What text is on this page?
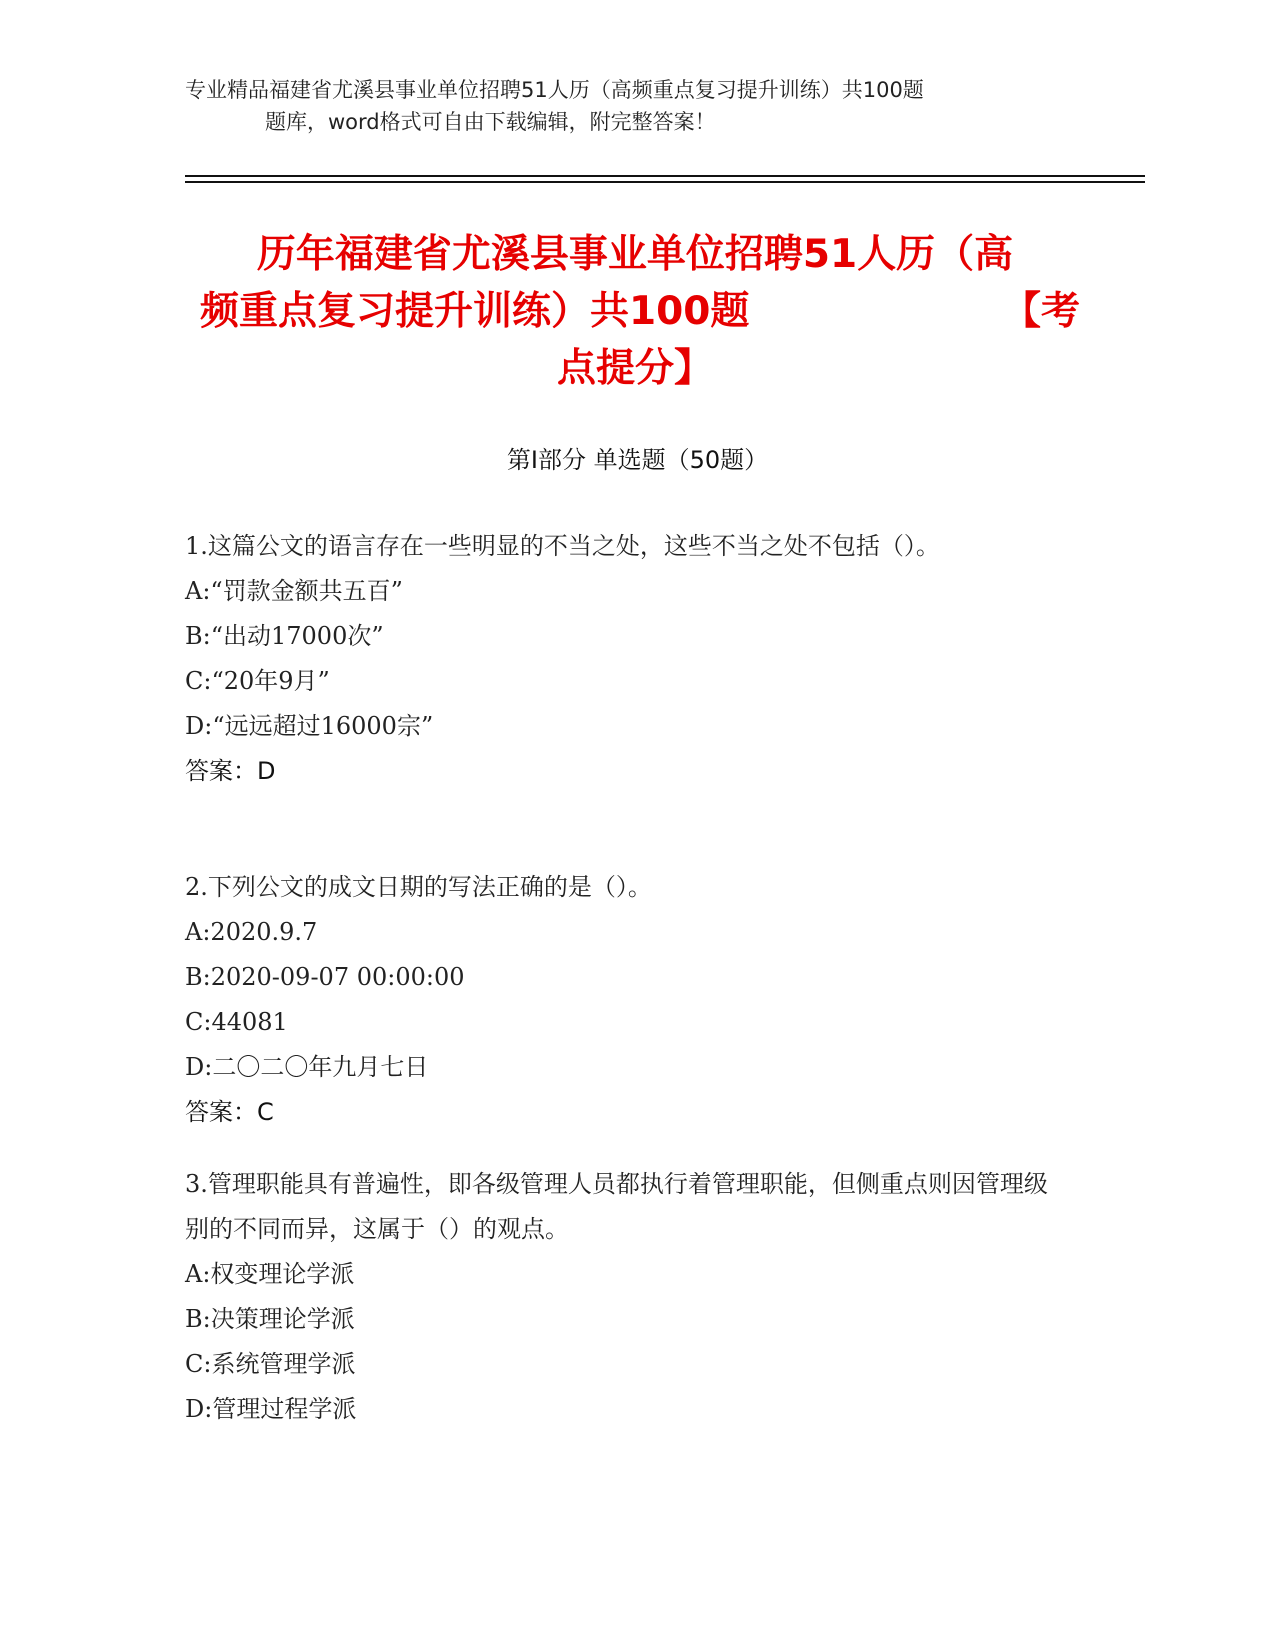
专业精品福建省尤溪县事业单位招聘51人历（高频重点复习提升训练）共100题
题库，word格式可自由下载编辑，附完整答案！
历年福建省尤溪县事业单位招聘51人历（高
频重点复习提升训练）共100题	【考
点提分】
第Ⅰ部分 单选题（50题）
1.这篇公文的语言存在一些明显的不当之处，这些不当之处不包括（）。
A:“罚款金额共五百”
B:“出动17000次”
C:“20年9月”
D:“远远超过16000宗”
答案：D
2.下列公文的成文日期的写法正确的是（）。
A:2020.9.7
B:2020-09-07 00:00:00
C:44081
D:二〇二〇年九月七日
答案：C
3.管理职能具有普遍性，即各级管理人员都执行着管理职能，但侧重点则因管理级别的不同而异，这属于（）的观点。
A:权变理论学派
B:决策理论学派
C:系统管理学派
D:管理过程学派
